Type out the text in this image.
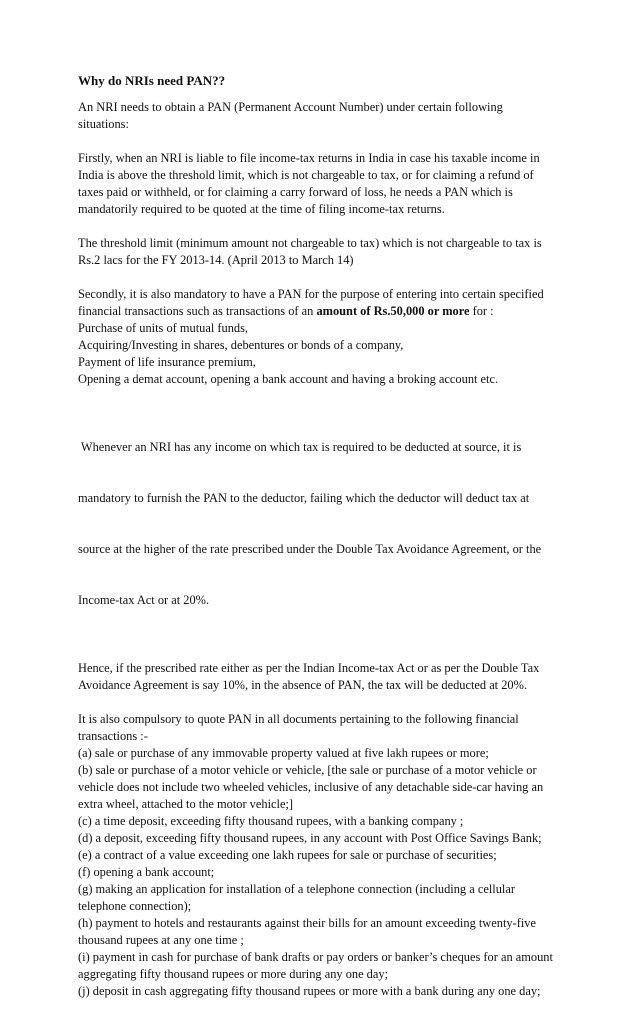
Why do NRIs need PAN??

An NRI needs to obtain a PAN (Permanent Account Number) under certain following
situations:

Firstly, when an NRI is liable to file income-tax returns in India in case his taxable income in
India is above the threshold limit, which is not chargeable to tax, or for claiming a refund of
taxes paid or withheld, or for claiming a carry forward of loss, he needs a PAN which is
mandatorily required to be quoted at the time of filing income-tax returns.

The threshold limit (minimum amount not chargeable to tax) which is not chargeable to tax is
Rs.2 lacs for the FY 2013-14. (April 2013 to March 14)

Secondly, it is also mandatory to have a PAN for the purpose of entering into certain specified
financial transactions such as transactions of an amount of Rs.50,000 or more for :
Purchase of units of mutual funds,
Acquiring/Investing in shares, debentures or bonds of a company,
Payment of life insurance premium,
Opening a demat account, opening a bank account and having a broking account etc.

Whenever an NRI has any income on which tax is required to be deducted at source, it is

mandatory to furnish the PAN to the deductor, failing which the deductor will deduct tax at

source at the higher of the rate prescribed under the Double Tax Avoidance Agreement, or the

Income-tax Act or at 20%.

Hence, if the prescribed rate either as per the Indian Income-tax Act or as per the Double Tax
Avoidance Agreement is say 10%, in the absence of PAN, the tax will be deducted at 20%.

It is also compulsory to quote PAN in all documents pertaining to the following financial
transactions :-
(a) sale or purchase of any immovable property valued at five lakh rupees or more;
(b) sale or purchase of a motor vehicle or vehicle, [the sale or purchase of a motor vehicle or
vehicle does not include two wheeled vehicles, inclusive of any detachable side-car having an
extra wheel, attached to the motor vehicle;]
(c) a time deposit, exceeding fifty thousand rupees, with a banking company ;
(d) a deposit, exceeding fifty thousand rupees, in any account with Post Office Savings Bank;
(e) a contract of a value exceeding one lakh rupees for sale or purchase of securities;
(f) opening a bank account;
(g) making an application for installation of a telephone connection (including a cellular
telephone connection);
(h) payment to hotels and restaurants against their bills for an amount exceeding twenty-five
thousand rupees at any one time ;
(i) payment in cash for purchase of bank drafts or pay orders or banker’s cheques for an amount
aggregating fifty thousand rupees or more during any one day;
(j) deposit in cash aggregating fifty thousand rupees or more with a bank during any one day;
